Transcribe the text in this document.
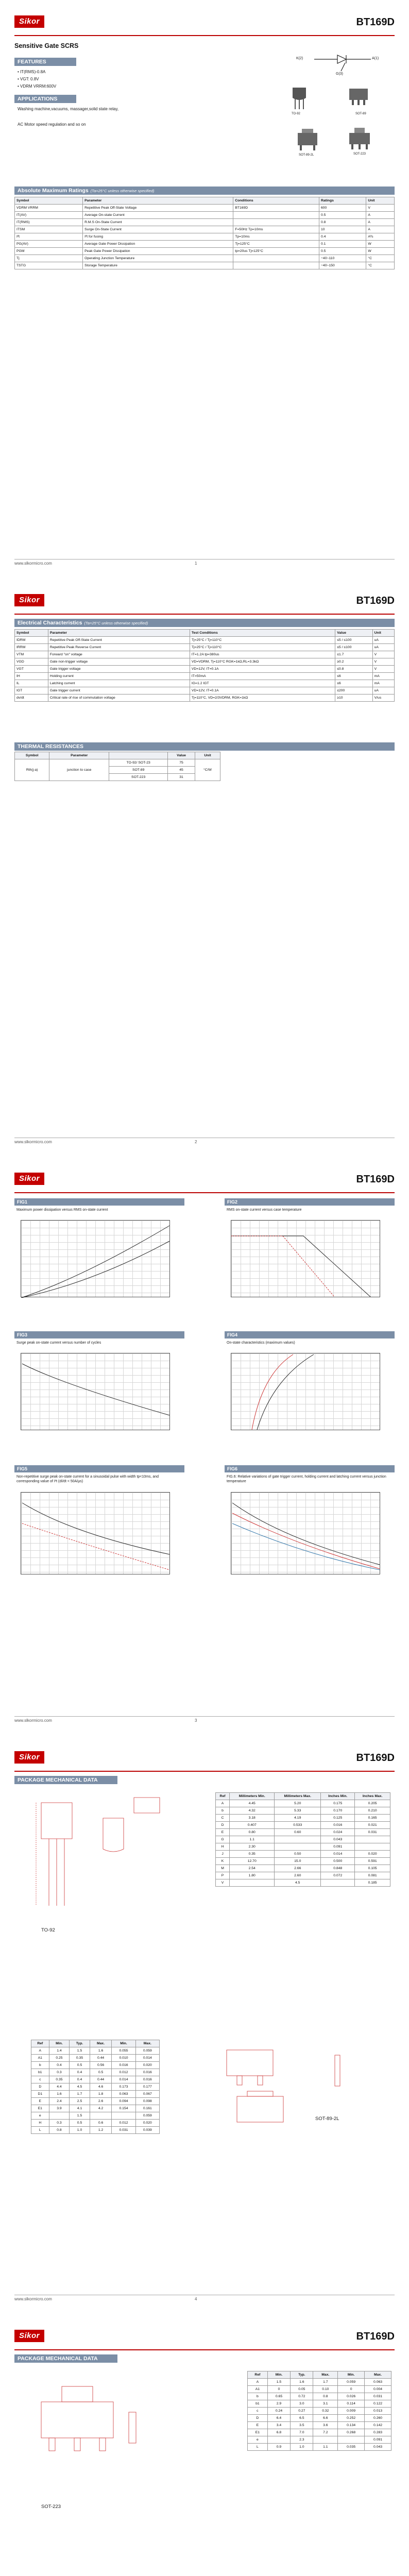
Sikor	BT169D
Sensitive Gate SCRS
FEATURES
• IT(RMS)-0.8A
• VGT: 0.8V
• VDRM VRRM:600V
APPLICATIONS
Washing machine,vacuums, massager,solid state relay,
AC Motor speed regulation and so on
K(2)	A(1)
G(3)
TO-92	SOT-89
SOT-89-2L	SOT-223
Absolute Maximum Ratings (Ta=25°C unless otherwise specified)
Symbol	Parameter	Conditions	Ratings	Unit
VDRM VRRM	Repetitive Peak Off-State Voltage	BT169D	600	V
IT(AV)	Average On-state Current		0.5	A
IT(RMS)	R.M.S On-State Current		0.8	A
ITSM	Surge On-State Current	F=50Hz Tp=10ms	10	A
I²t	I²t for fusing	Tp=10ms	0.4	A²s
PG(AV)	Average Gate Power Dissipation	Tj=125°C	0.1	W
PGM	Peak Gate Power Dissipation	tp=20us Tj=125°C	0.5	W
Tj	Operating Junction Temperature		−40~110	°C
TSTG	Storage Temperature		−40~150	°C
www.slkormicro.com	1
Sikor	BT169D
Electrical Characteristics (Ta=25°C unless otherwise specified)
Symbol	Parameter	Test Conditions	Value	Unit
IDRM	Repetitive Peak Off-State Current	Tj=25°C / Tj=110°C	≤5 / ≤100	uA
IRRM	Repetitive Peak Reverse Current	Tj=25°C / Tj=110°C	≤5 / ≤100	uA
VTM	Forward "on" voltage	IT=1.2A tp=380us	≤1.7	V
VGD	Gate non-trigger voltage	VD=VDRM, Tj=110°C RGK=1kΩ,RL=3.3kΩ	≥0.2	V
VGT	Gate trigger voltage	VD=12V, IT=0.1A	≤0.8	V
IH	Holding current	IT=50mA	≤6	mA
IL	Latching current	IG=1.2 IGT	≤6	mA
IGT	Gate trigger current	VD=12V, IT=0.1A	≤200	uA
dv/dt	Critical rate of rise of commutation voltage	Tj=110°C, VD=2/3VDRM, RGK=1kΩ	≥10	V/us
THERMAL RESISTANCES
Symbol	Parameter		Value	Unit
Rth(j-a)	junction to case	TO-92/ SOT-23	75	°C/W
		SOT-89	45	
		SOT-223	31	
www.slkormicro.com	2
Sikor	BT169D
FIG1
Maximum power dissipation versus RMS on-state current
FIG2
RMS on-state current versus case temperature
FIG3
Surge peak on-state current versus number of cycles
FIG4
On-state characteristics (maximum values)
FIG5
Non-repetitive surge peak on-state current for a sinusoidal pulse with width tp<10ms, and corresponding value of I²t (dI/dt < 50A/μs)
FIG6
FIG.6: Relative variations of gate trigger current, holding current and latching current versus junction temperature
www.slkormicro.com	3
Sikor	BT169D
PACKAGE MECHANICAL DATA
TO-92
Ref	Millimeters Min.	Millimeters Max.	Inches Min.	Inches Max.
A	4.45	5.20	0.175	0.205
b	4.32	5.33	0.170	0.210
C	3.18	4.19	0.125	0.165
D	0.407	0.533	0.016	0.021
E	0.80	0.60	0.024	0.031
G	1.1		0.043	
H	2.30		0.091	
J	0.35	0.50	0.014	0.020
K	12.70	15.0	0.500	0.591
M	2.54	2.66	0.848	0.105
P	1.80	2.60	0.072	0.081
V		4.5		0.185
Ref	Min.	Typ.	Max.	Min.	Max.
A	1.4	1.5	1.6	0.055	0.059
A1	0.25	0.35	0.44	0.010	0.014
b	0.4	0.5	0.56	0.016	0.020
b1	0.3	0.4	0.5	0.012	0.016
c	0.35	0.4	0.44	0.014	0.016
D	4.4	4.5	4.6	0.173	0.177
D1	1.6	1.7	1.8	0.063	0.067
E	2.4	2.5	2.6	0.094	0.098
E1	3.9	4.1	4.2	0.154	0.161
e		1.5			0.059
H	0.3	0.5	0.6	0.012	0.020
L	0.8	1.0	1.2	0.031	0.039
SOT-89-2L
www.slkormicro.com	4
Sikor	BT169D
PACKAGE MECHANICAL DATA
SOT-223
Ref	Min.	Typ.	Max.	Min.	Max.
A	1.5	1.6	1.7	0.059	0.063
A1	0	0.05	0.10	0	0.004
b	0.65	0.72	0.8	0.026	0.031
b1	2.9	3.0	3.1	0.114	0.122
c	0.24	0.27	0.32	0.009	0.013
D	6.4	6.5	6.6	0.252	0.260
E	3.4	3.5	3.6	0.134	0.142
E1	6.8	7.0	7.2	0.268	0.283
e		2.3			0.091
L	0.9	1.0	1.1	0.035	0.043
